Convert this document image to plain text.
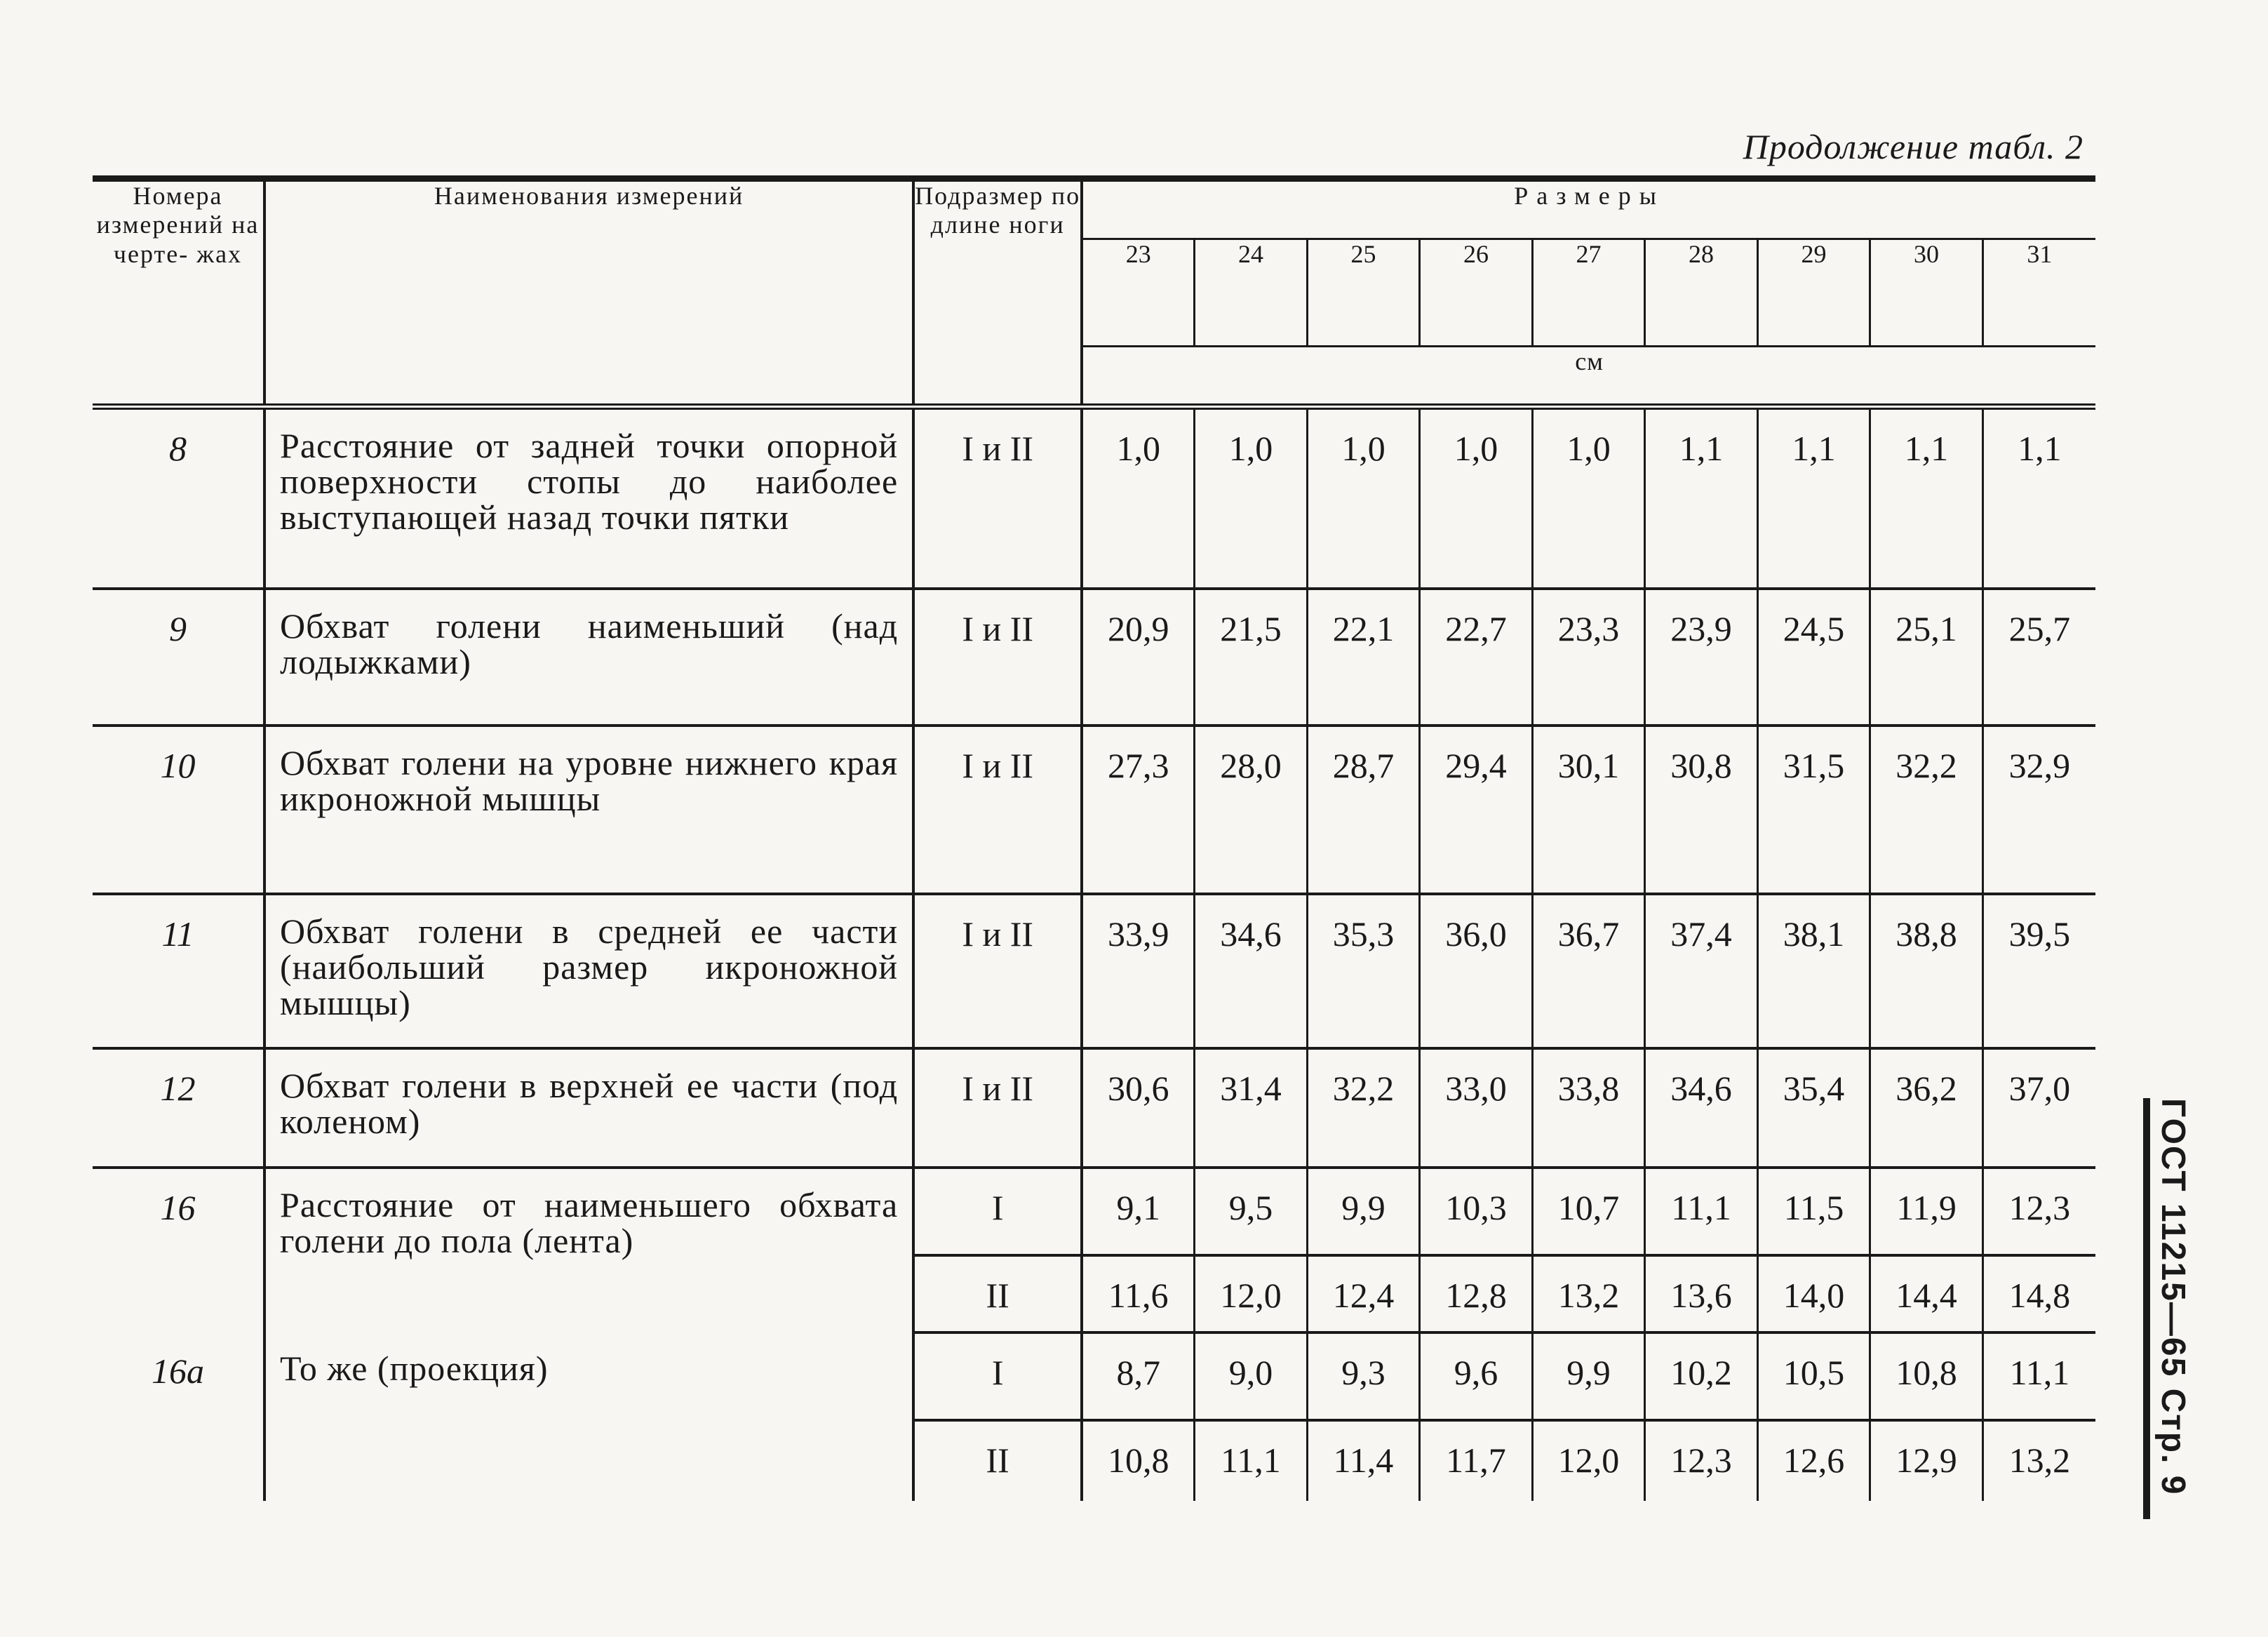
Продолжение табл. 2
ГОСТ 11215—65 Стр. 9
Номера измерений на черте- жах	Наименования измерений	Подразмер по длине ноги	Размеры								
			23	24	25	26	27	28	29	30	31
			см								

8	Расстояние от задней точки опорной поверхности стопы до наиболее выступающей назад точки пятки	I и II	1,0	1,0	1,0	1,0	1,0	1,1	1,1	1,1	1,1
9	Обхват голени наименьший (над лодыжками)	I и II	20,9	21,5	22,1	22,7	23,3	23,9	24,5	25,1	25,7
10	Обхват голени на уровне нижнего края икроножной мышцы	I и II	27,3	28,0	28,7	29,4	30,1	30,8	31,5	32,2	32,9
11	Обхват голени в средней ее части (наибольший размер икроножной мышцы)	I и II	33,9	34,6	35,3	36,0	36,7	37,4	38,1	38,8	39,5
12	Обхват голени в верхней ее части (под коленом)	I и II	30,6	31,4	32,2	33,0	33,8	34,6	35,4	36,2	37,0
16	Расстояние от наименьшего обхвата голени до пола (лента)	I	9,1	9,5	9,9	10,3	10,7	11,1	11,5	11,9	12,3
		II	11,6	12,0	12,4	12,8	13,2	13,6	14,0	14,4	14,8
16а	То же (проекция)	I	8,7	9,0	9,3	9,6	9,9	10,2	10,5	10,8	11,1
		II	10,8	11,1	11,4	11,7	12,0	12,3	12,6	12,9	13,2
